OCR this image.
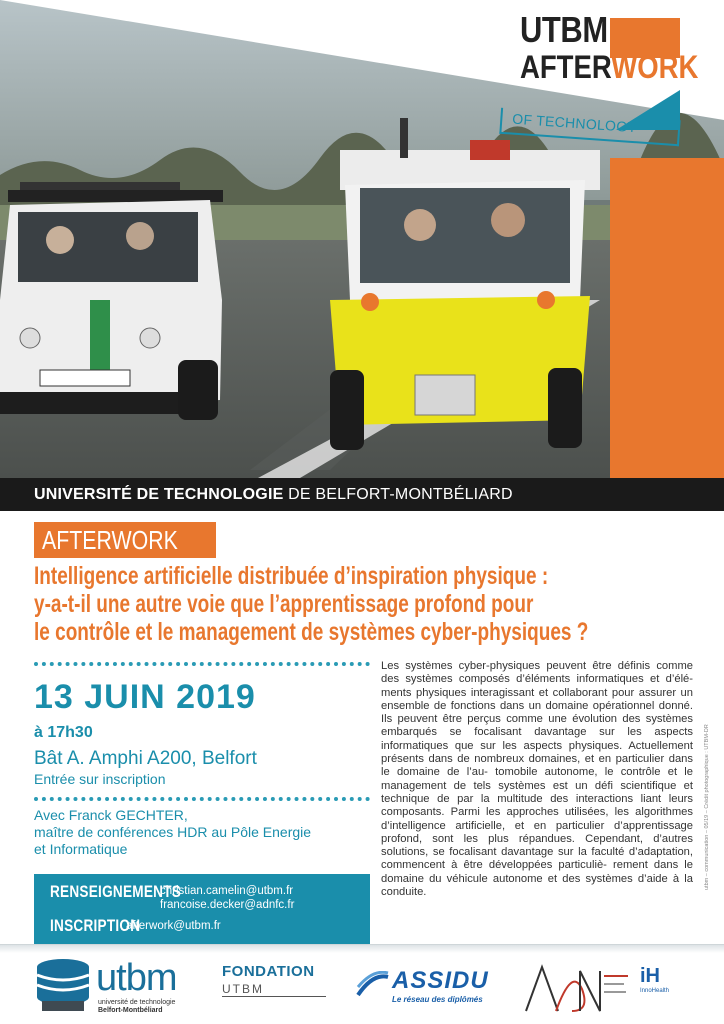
UTBM
AFTERWORK
OF TECHNOLOGY
UNIVERSITÉ DE TECHNOLOGIE DE BELFORT-MONTBÉLIARD
AFTERWORK
Intelligence artificielle distribuée d’inspiration physique :
y-a-t-il une autre voie que l’apprentissage profond pour
le contrôle et le management de systèmes cyber-physiques ?
13 JUIN 2019
à 17h30
Bât A. Amphi A200, Belfort
Entrée sur inscription
Avec Franck GECHTER,
maître de conférences HDR au Pôle Energie
et Informatique
RENSEIGNEMENTS
christian.camelin@utbm.fr
francoise.decker@adnfc.fr
INSCRIPTION
afterwork@utbm.fr
Les systèmes cyber-physiques peuvent être définis comme des systèmes composés d’éléments informatiques et d’élé- ments physiques interagissant et collaborant pour assurer un ensemble de fonctions dans un domaine opérationnel donné. Ils peuvent être perçus comme une évolution des systèmes embarqués se focalisant davantage sur les aspects informatiques que sur les aspects physiques. Actuellement présents dans de nombreux domaines, et en particulier dans le domaine de l’au- tomobile autonome, le contrôle et le management de tels systèmes est un défi scientifique et technique de par la multitude des interactions liant leurs composants. Parmi les approches utilisées, les algorithmes d’intelligence artificielle, et en particulier d’apprentissage profond, sont les plus répandues. Cependant, d’autres solutions, se focalisant davantage sur la faculté d’adaptation, commencent à être développées particuliè- rement dans le domaine du véhicule autonome et des systèmes d’aide à la conduite.
utbm – communication – 05/19 – Crédit photographique : UTBM-DR
utbm
université de technologie
Belfort-Montbéliard
FONDATION
UTBM	ASSIDU
Le réseau des diplômés
iH
InnoHealth
